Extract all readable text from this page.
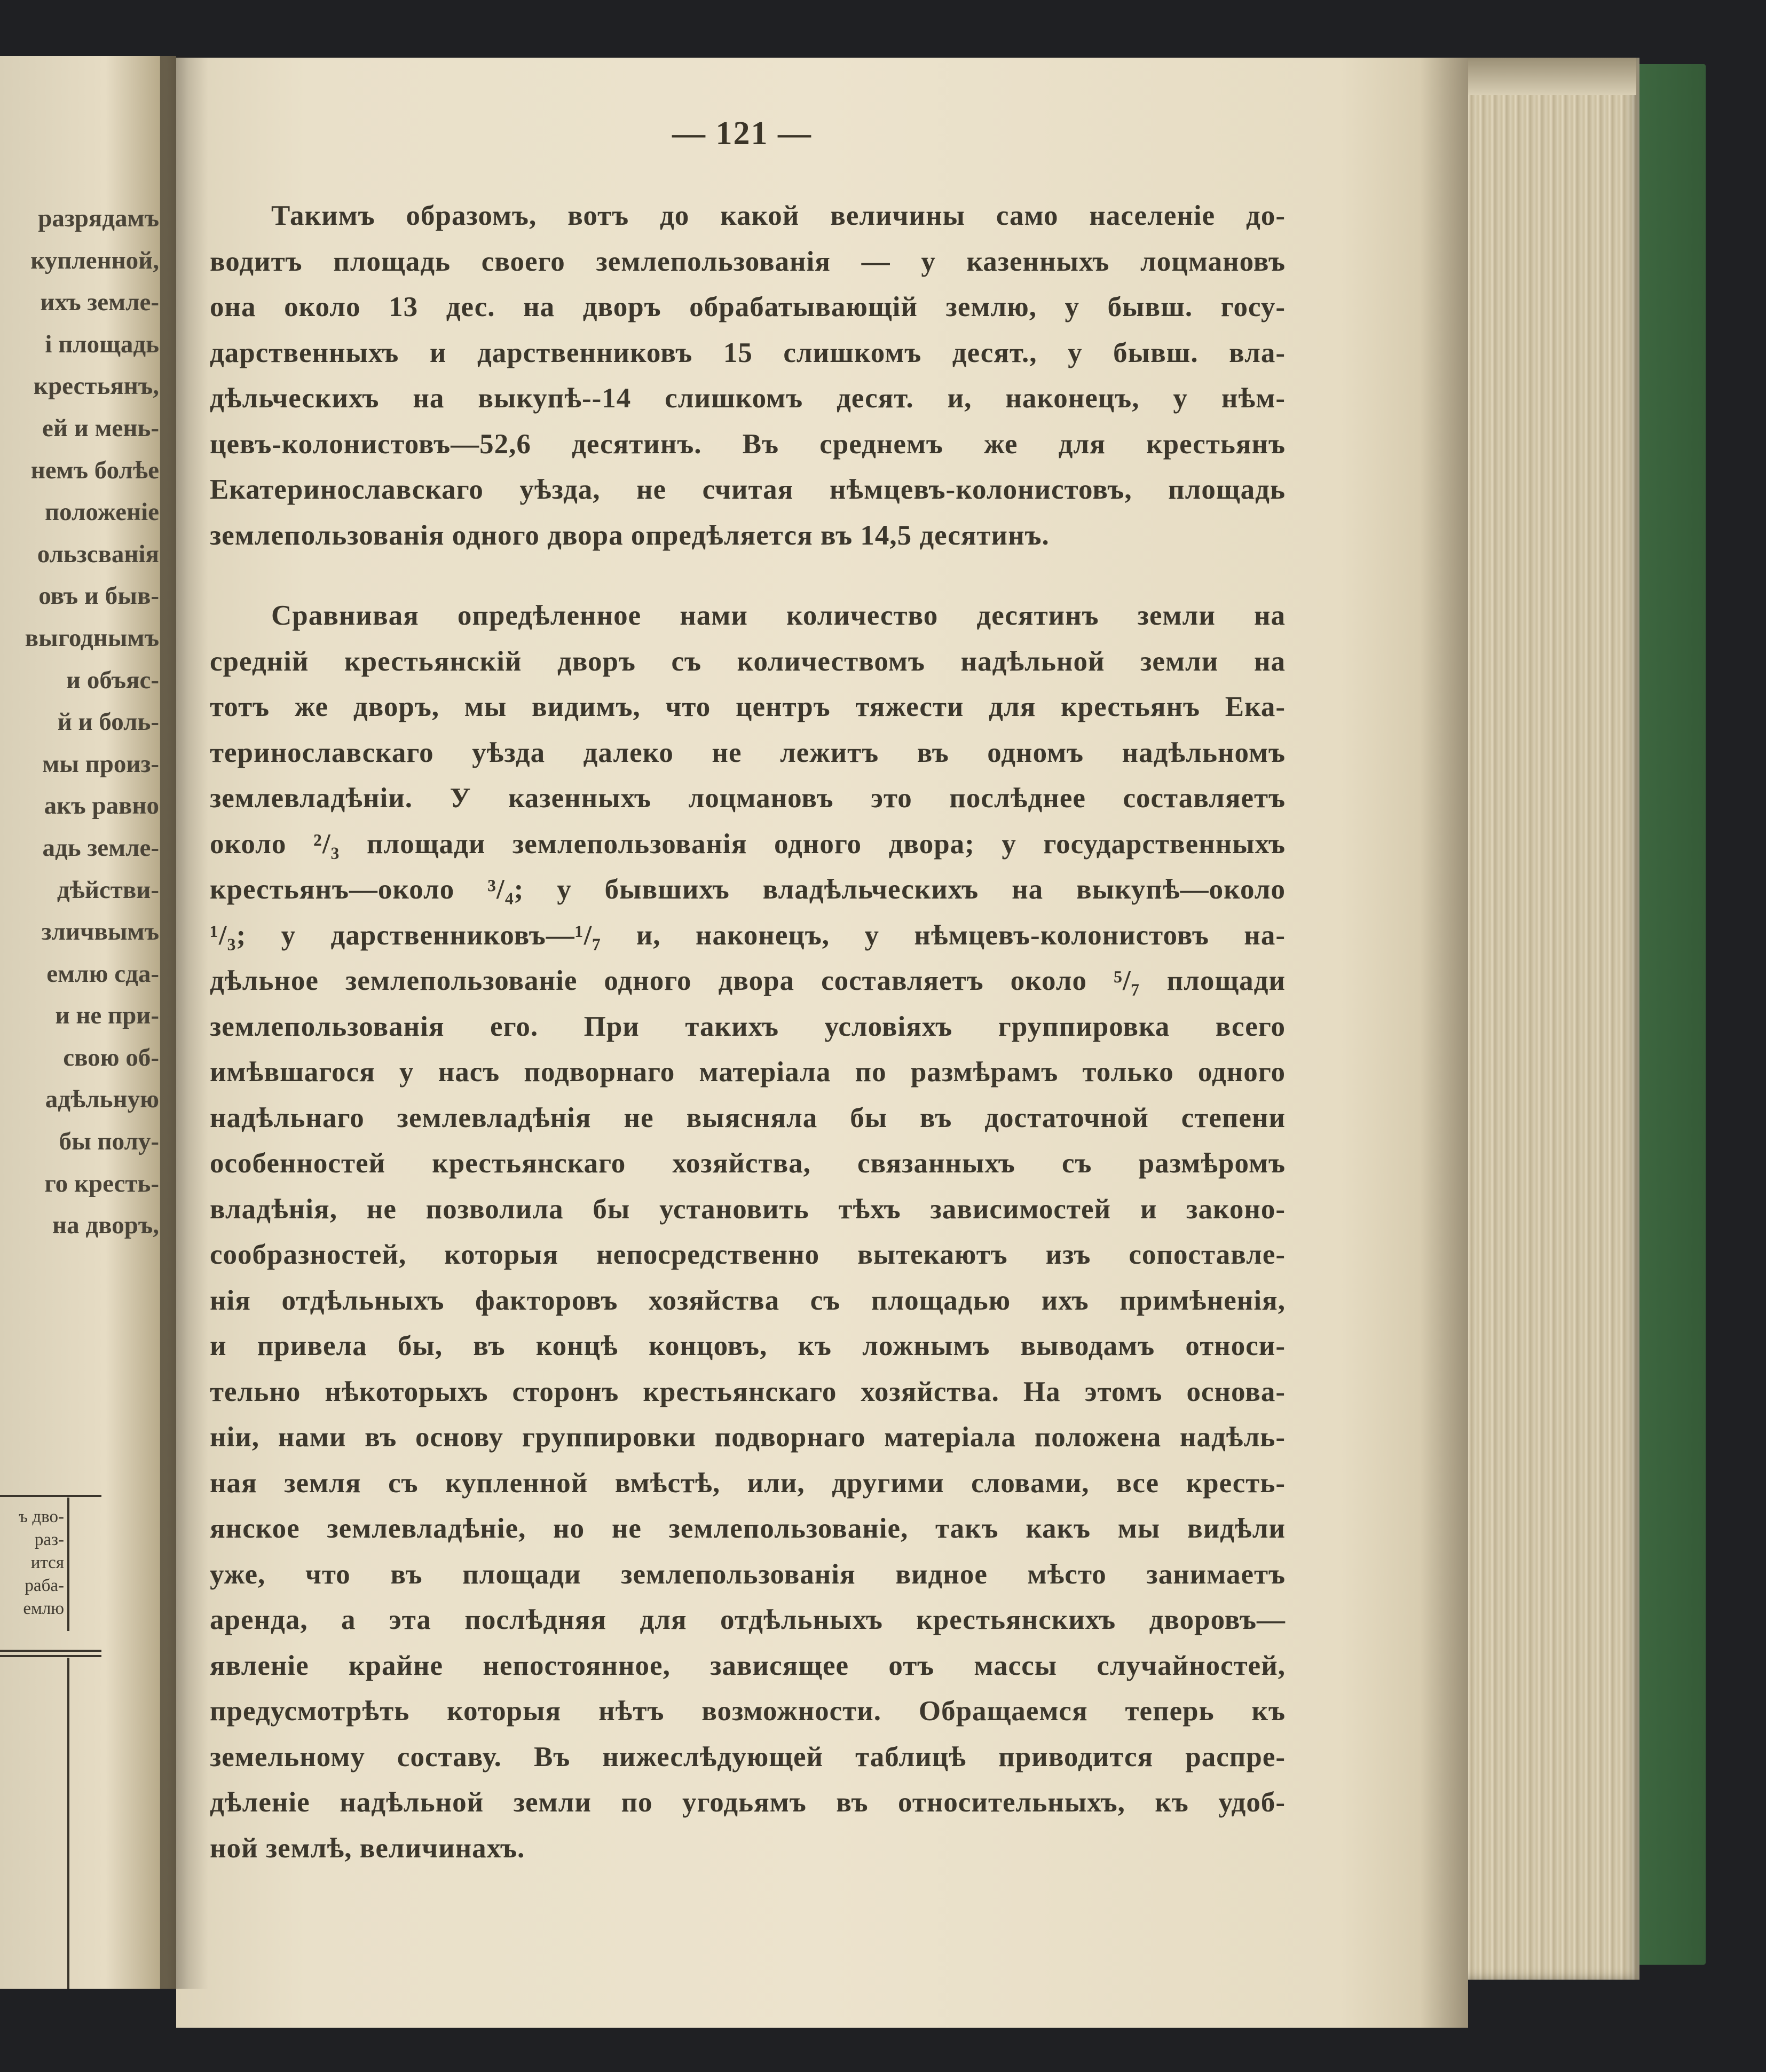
разрядамъ
купленной,
ихъ земле-
і площадь
крестьянъ,
ей и мень-
немъ болѣе
положеніе
ользсванія
овъ и быв-
выгоднымъ
и объяс-
й и боль-
мы произ-
акъ равно
адь земле-
дѣйстви-
зличвымъ
емлю сда-
и не при-
свою об-
адѣльную
бы полу-
го кресть-
на дворъ,
ъ дво-
раз-
ится
раба-
емлю
— 121 —
Такимъ образомъ, вотъ до какой величины само населеніе до-
водитъ площадь своего землепользованія — у казенныхъ лоцмановъ
она около 13 дес. на дворъ обрабатывающій землю, у бывш. госу-
дарственныхъ и дарственниковъ 15 слишкомъ десят., у бывш. вла-
дѣльческихъ на выкупѣ--14 слишкомъ десят. и, наконецъ, у нѣм-
цевъ-колонистовъ—52,6 десятинъ. Въ среднемъ же для крестьянъ
Екатеринославскаго уѣзда, не считая нѣмцевъ-колонистовъ, площадь
землепользованія одного двора опредѣляется въ 14,5 десятинъ.
Сравнивая опредѣленное нами количество десятинъ земли на
средній крестьянскій дворъ съ количествомъ надѣльной земли на
тотъ же дворъ, мы видимъ, что центръ тяжести для крестьянъ Ека-
теринославскаго уѣзда далеко не лежитъ въ одномъ надѣльномъ
землевладѣніи. У казенныхъ лоцмановъ это послѣднее составляетъ
около ²/₃ площади землепользованія одного двора; у государственныхъ
крестьянъ—около ³/₄; у бывшихъ владѣльческихъ на выкупѣ—около
¹/₃; у дарственниковъ—¹/₇ и, наконецъ, у нѣмцевъ-колонистовъ на-
дѣльное землепользованіе одного двора составляетъ около ⁵/₇ площади
землепользованія его. При такихъ условіяхъ группировка всего
имѣвшагося у насъ подворнаго матеріала по размѣрамъ только одного
надѣльнаго землевладѣнія не выясняла бы въ достаточной степени
особенностей крестьянскаго хозяйства, связанныхъ съ размѣромъ
владѣнія, не позволила бы установить тѣхъ зависимостей и законо-
сообразностей, которыя непосредственно вытекаютъ изъ сопоставле-
нія отдѣльныхъ факторовъ хозяйства съ площадью ихъ примѣненія,
и привела бы, въ концѣ концовъ, къ ложнымъ выводамъ относи-
тельно нѣкоторыхъ сторонъ крестьянскаго хозяйства. На этомъ основа-
ніи, нами въ основу группировки подворнаго матеріала положена надѣль-
ная земля съ купленной вмѣстѣ, или, другими словами, все кресть-
янское землевладѣніе, но не землепользованіе, такъ какъ мы видѣли
уже, что въ площади землепользованія видное мѣсто занимаетъ
аренда, а эта послѣдняя для отдѣльныхъ крестьянскихъ дворовъ—
явленіе крайне непостоянное, зависящее отъ массы случайностей,
предусмотрѣть которыя нѣтъ возможности. Обращаемся теперь къ
земельному составу. Въ нижеслѣдующей таблицѣ приводится распре-
дѣленіе надѣльной земли по угодьямъ въ относительныхъ, къ удоб-
ной землѣ, величинахъ.
